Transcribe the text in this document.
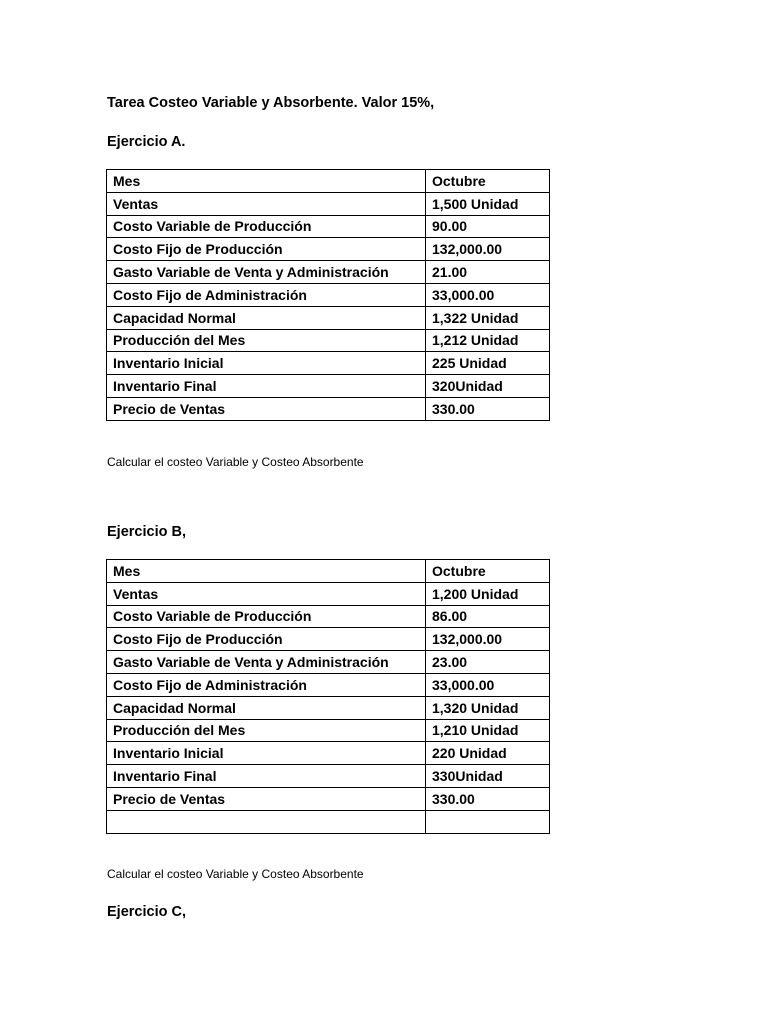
Tarea Costeo Variable y Absorbente. Valor 15%,
Ejercicio A.
Mes	Octubre
Ventas	1,500 Unidad
Costo Variable de Producción	90.00
Costo Fijo de Producción	132,000.00
Gasto Variable de Venta y Administración	21.00
Costo Fijo de Administración	33,000.00
Capacidad Normal	1,322 Unidad
Producción del Mes	1,212 Unidad
Inventario Inicial	225 Unidad
Inventario Final	320Unidad
Precio de Ventas	330.00
Calcular el costeo Variable y Costeo Absorbente
Ejercicio B,
Mes	Octubre
Ventas	1,200 Unidad
Costo Variable de Producción	86.00
Costo Fijo de Producción	132,000.00
Gasto Variable de Venta y Administración	23.00
Costo Fijo de Administración	33,000.00
Capacidad Normal	1,320 Unidad
Producción del Mes	1,210 Unidad
Inventario Inicial	220 Unidad
Inventario Final	330Unidad
Precio de Ventas	330.00

Calcular el costeo Variable y Costeo Absorbente
Ejercicio C,
